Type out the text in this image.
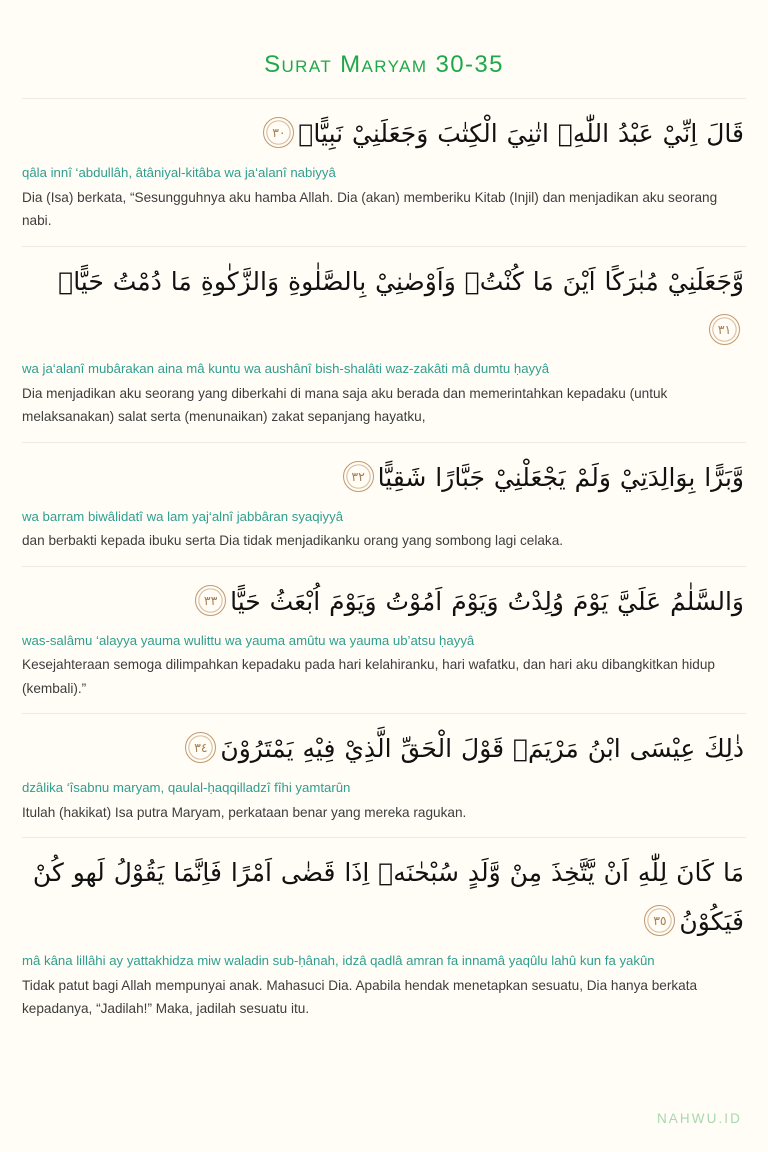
Surat Maryam 30-35
قَالَ اِنِّيْ عَبْدُ اللّٰهِۡ اتٰنِيَ الْكِتٰبَ وَجَعَلَنِيْ نَبِيًّاۚ٣٠

qâla innî ‘abdullâh, âtâniyal-kitâba wa ja‘alanî nabiyyâ

Dia (Isa) berkata, “Sesungguhnya aku hamba Allah. Dia (akan) memberiku Kitab (Injil) dan menjadikan aku seorang nabi.

وَّجَعَلَنِيْ مُبٰرَكًا اَيْنَ مَا كُنْتُۚ وَاَوْصٰنِيْ بِالصَّلٰوةِ وَالزَّكٰوةِ مَا دُمْتُ حَيًّاۚ٣١

wa ja‘alanî mubârakan aina mâ kuntu wa aushânî bish-shalâti waz-zakâti mâ dumtu ḥayyâ

Dia menjadikan aku seorang yang diberkahi di mana saja aku berada dan memerintahkan kepadaku (untuk melaksanakan) salat serta (menunaikan) zakat sepanjang hayatku,

وَّبَرًّا بِوَالِدَتِيْ وَلَمْ يَجْعَلْنِيْ جَبَّارًا شَقِيًّا٣٢

wa barram biwâlidatî wa lam yaj‘alnî jabbâran syaqiyyâ

dan berbakti kepada ibuku serta Dia tidak menjadikanku orang yang sombong lagi celaka.

وَالسَّلٰمُ عَلَيَّ يَوْمَ وُلِدْتُ وَيَوْمَ اَمُوْتُ وَيَوْمَ اُبْعَثُ حَيًّا٣٣

was-salâmu ‘alayya yauma wulittu wa yauma amûtu wa yauma ub’atsu ḥayyâ

Kesejahteraan semoga dilimpahkan kepadaku pada hari kelahiranku, hari wafatku, dan hari aku dibangkitkan hidup (kembali).”

ذٰلِكَ عِيْسَى ابْنُ مَرْيَمَۚ قَوْلَ الْحَقِّ الَّذِيْ فِيْهِ يَمْتَرُوْنَ٣٤

dzâlika ‘îsabnu maryam, qaulal-ḥaqqilladzî fîhi yamtarûn

Itulah (hakikat) Isa putra Maryam, perkataan benar yang mereka ragukan.

مَا كَانَ لِلّٰهِ اَنْ يَّتَّخِذَ مِنْ وَّلَدٍ سُبْحٰنَهۖ اِذَا قَضٰى اَمْرًا فَاِنَّمَا يَقُوْلُ لَهو كُنْ فَيَكُوْنُ٣٥

mâ kâna lillâhi ay yattakhidza miw waladin sub-ḥânah, idzâ qadlâ amran fa innamâ yaqûlu lahû kun fa yakûn

Tidak patut bagi Allah mempunyai anak. Mahasuci Dia. Apabila hendak menetapkan sesuatu, Dia hanya berkata kepadanya, “Jadilah!” Maka, jadilah sesuatu itu.

NAHWU.ID
